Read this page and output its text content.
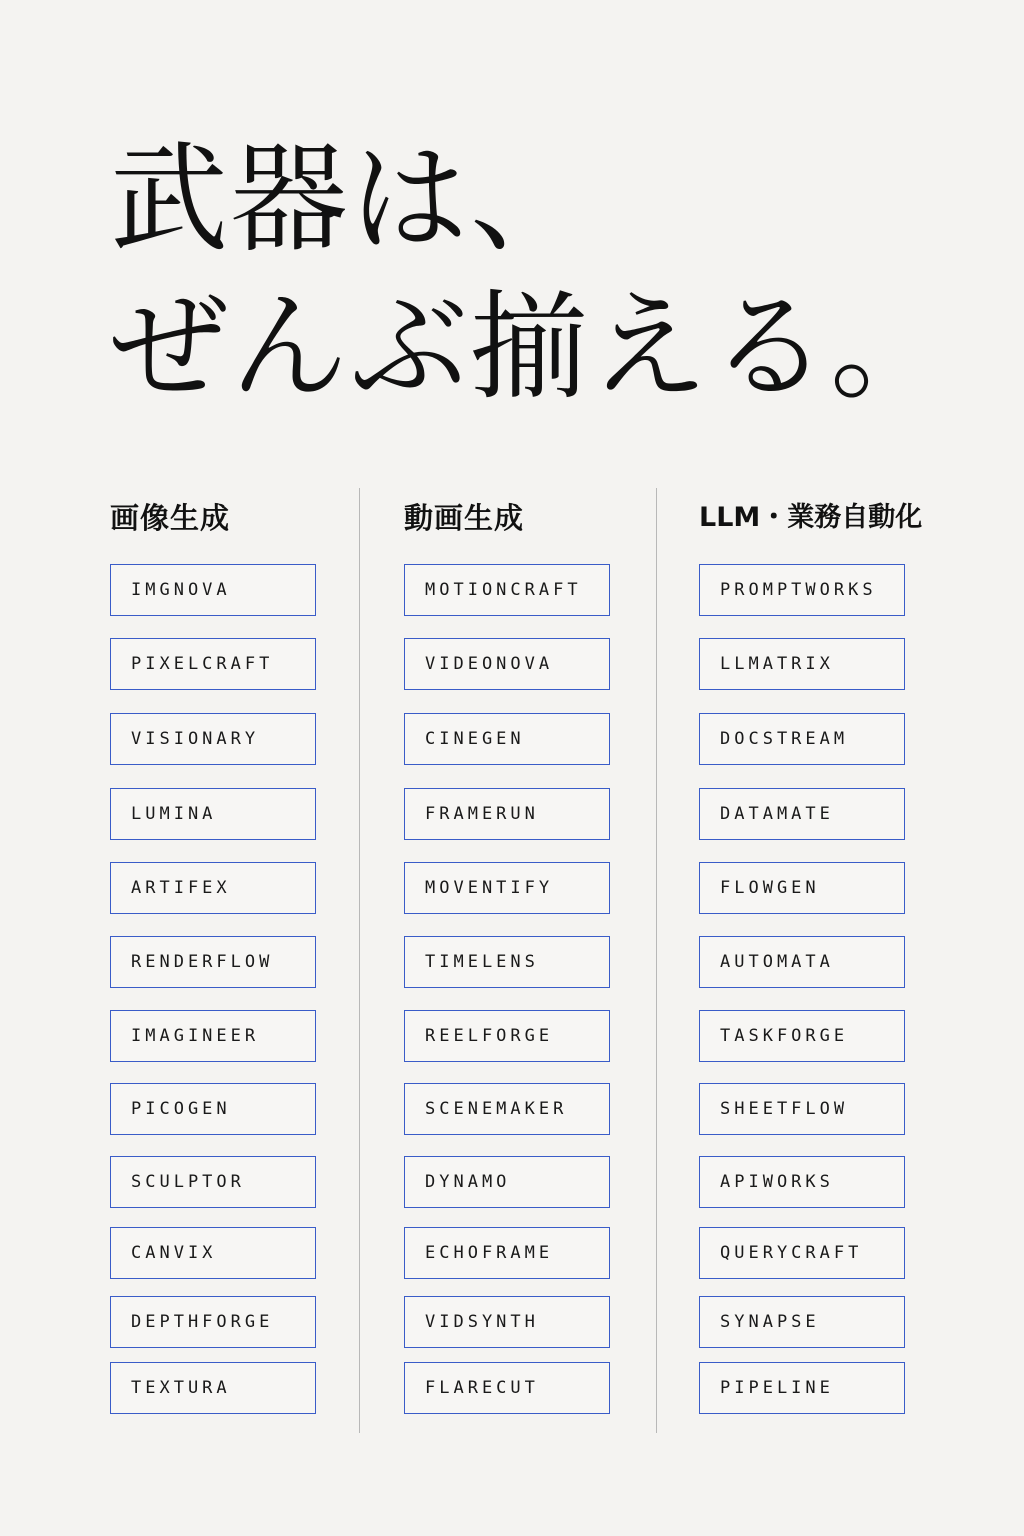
武器は、
ぜんぶ揃える。
画像生成
IMGNOVA
PIXELCRAFT
VISIONARY
LUMINA
ARTIFEX
RENDERFLOW
IMAGINEER
PICOGEN
SCULPTOR
CANVIX
DEPTHFORGE
TEXTURA
動画生成
MOTIONCRAFT
VIDEONOVA
CINEGEN
FRAMERUN
MOVENTIFY
TIMELENS
REELFORGE
SCENEMAKER
DYNAMO
ECHOFRAME
VIDSYNTH
FLARECUT
LLM・業務自動化
PROMPTWORKS
LLMATRIX
DOCSTREAM
DATAMATE
FLOWGEN
AUTOMATA
TASKFORGE
SHEETFLOW
APIWORKS
QUERYCRAFT
SYNAPSE
PIPELINE
